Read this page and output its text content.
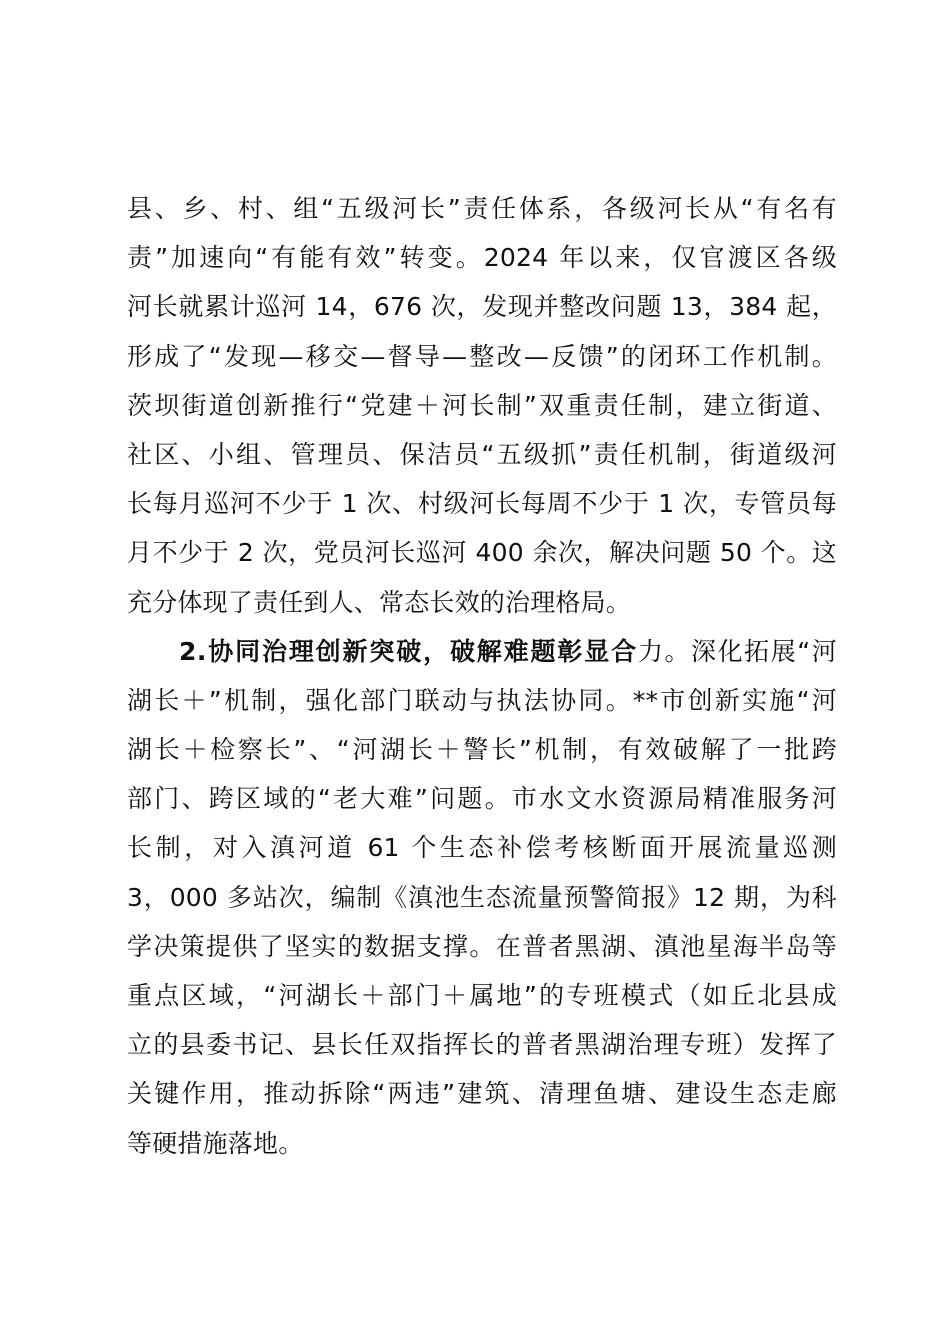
县、乡、村、组“五级河长”责任体系，各级河长从“有名有
责”加速向“有能有效”转变。2024 年以来，仅官渡区各级
河长就累计巡河 14，676 次，发现并整改问题 13，384 起，
形成了“发现—移交—督导—整改—反馈”的闭环工作机制。
茨坝街道创新推行“党建＋河长制”双重责任制，建立街道、
社区、小组、管理员、保洁员“五级抓”责任机制，街道级河
长每月巡河不少于 1 次、村级河长每周不少于 1 次，专管员每
月不少于 2 次，党员河长巡河 400 余次，解决问题 50 个。这
充分体现了责任到人、常态长效的治理格局。
2.协同治理创新突破，破解难题彰显合力。深化拓展“河
湖长＋”机制，强化部门联动与执法协同。**市创新实施“河
湖长＋检察长”、“河湖长＋警长”机制，有效破解了一批跨
部门、跨区域的“老大难”问题。市水文水资源局精准服务河
长制，对入滇河道 61 个生态补偿考核断面开展流量巡测
3，000 多站次，编制《滇池生态流量预警简报》12 期，为科
学决策提供了坚实的数据支撑。在普者黑湖、滇池星海半岛等
重点区域，“河湖长＋部门＋属地”的专班模式（如丘北县成
立的县委书记、县长任双指挥长的普者黑湖治理专班）发挥了
关键作用，推动拆除“两违”建筑、清理鱼塘、建设生态走廊
等硬措施落地。
